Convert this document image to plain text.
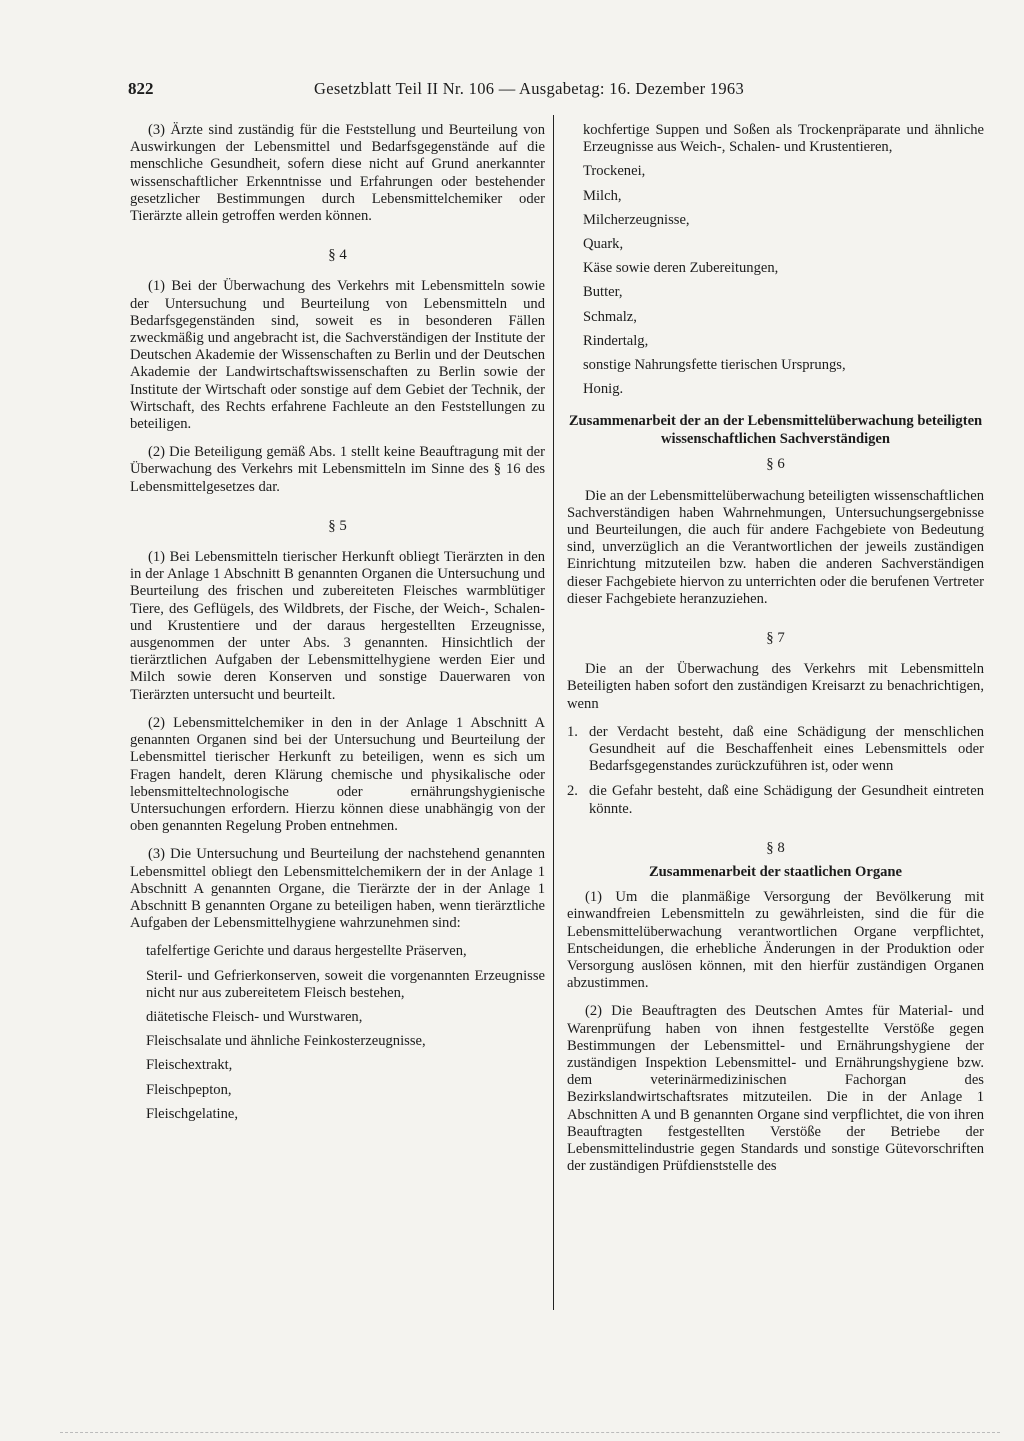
822	Gesetzblatt Teil II Nr. 106 — Ausgabetag: 16. Dezember 1963

(3) Ärzte sind zuständig für die Feststellung und Beurteilung von Auswirkungen der Lebensmittel und Bedarfsgegenstände auf die menschliche Gesundheit, sofern diese nicht auf Grund anerkannter wissenschaftlicher Erkenntnisse und Erfahrungen oder bestehender gesetzlicher Bestimmungen durch Lebensmittelchemiker oder Tierärzte allein getroffen werden können.

§ 4

(1) Bei der Überwachung des Verkehrs mit Lebensmitteln sowie der Untersuchung und Beurteilung von Lebensmitteln und Bedarfsgegenständen sind, soweit es in besonderen Fällen zweckmäßig und angebracht ist, die Sachverständigen der Institute der Deutschen Akademie der Wissenschaften zu Berlin und der Deutschen Akademie der Landwirtschaftswissenschaften zu Berlin sowie der Institute der Wirtschaft oder sonstige auf dem Gebiet der Technik, der Wirtschaft, des Rechts erfahrene Fachleute an den Feststellungen zu beteiligen.

(2) Die Beteiligung gemäß Abs. 1 stellt keine Beauftragung mit der Überwachung des Verkehrs mit Lebensmitteln im Sinne des § 16 des Lebensmittelgesetzes dar.

§ 5

(1) Bei Lebensmitteln tierischer Herkunft obliegt Tierärzten in den in der Anlage 1 Abschnitt B genannten Organen die Untersuchung und Beurteilung des frischen und zubereiteten Fleisches warmblütiger Tiere, des Geflügels, des Wildbrets, der Fische, der Weich-, Schalen- und Krustentiere und der daraus hergestellten Erzeugnisse, ausgenommen der unter Abs. 3 genannten. Hinsichtlich der tierärztlichen Aufgaben der Lebensmittelhygiene werden Eier und Milch sowie deren Konserven und sonstige Dauerwaren von Tierärzten untersucht und beurteilt.

(2) Lebensmittelchemiker in den in der Anlage 1 Abschnitt A genannten Organen sind bei der Untersuchung und Beurteilung der Lebensmittel tierischer Herkunft zu beteiligen, wenn es sich um Fragen handelt, deren Klärung chemische und physikalische oder lebensmitteltechnologische oder ernährungshygienische Untersuchungen erfordern. Hierzu können diese unabhängig von der oben genannten Regelung Proben entnehmen.

(3) Die Untersuchung und Beurteilung der nachstehend genannten Lebensmittel obliegt den Lebensmittelchemikern der in der Anlage 1 Abschnitt A genannten Organe, die Tierärzte der in der Anlage 1 Abschnitt B genannten Organe zu beteiligen haben, wenn tierärztliche Aufgaben der Lebensmittelhygiene wahrzunehmen sind:

tafelfertige Gerichte und daraus hergestellte Präserven,

Steril- und Gefrierkonserven, soweit die vorgenannten Erzeugnisse nicht nur aus zubereitetem Fleisch bestehen,

diätetische Fleisch- und Wurstwaren,

Fleischsalate und ähnliche Feinkosterzeugnisse,

Fleischextrakt,

Fleischpepton,

Fleischgelatine,

kochfertige Suppen und Soßen als Trockenpräparate und ähnliche Erzeugnisse aus Weich-, Schalen- und Krustentieren,

Trockenei,

Milch,

Milcherzeugnisse,

Quark,

Käse sowie deren Zubereitungen,

Butter,

Schmalz,

Rindertalg,

sonstige Nahrungsfette tierischen Ursprungs,

Honig.

Zusammenarbeit der an der Lebensmittelüberwachung beteiligten wissenschaftlichen Sachverständigen
§ 6

Die an der Lebensmittelüberwachung beteiligten wissenschaftlichen Sachverständigen haben Wahrnehmungen, Untersuchungsergebnisse und Beurteilungen, die auch für andere Fachgebiete von Bedeutung sind, unverzüglich an die Verantwortlichen der jeweils zuständigen Einrichtung mitzuteilen bzw. haben die anderen Sachverständigen dieser Fachgebiete hiervon zu unterrichten oder die berufenen Vertreter dieser Fachgebiete heranzuziehen.

§ 7

Die an der Überwachung des Verkehrs mit Lebensmitteln Beteiligten haben sofort den zuständigen Kreisarzt zu benachrichtigen, wenn

1. der Verdacht besteht, daß eine Schädigung der menschlichen Gesundheit auf die Beschaffenheit eines Lebensmittels oder Bedarfsgegenstandes zurückzuführen ist, oder wenn
2. die Gefahr besteht, daß eine Schädigung der Gesundheit eintreten könnte.
§ 8
Zusammenarbeit der staatlichen Organe

(1) Um die planmäßige Versorgung der Bevölkerung mit einwandfreien Lebensmitteln zu gewährleisten, sind die für die Lebensmittelüberwachung verantwortlichen Organe verpflichtet, Entscheidungen, die erhebliche Änderungen in der Produktion oder Versorgung auslösen können, mit den hierfür zuständigen Organen abzustimmen.

(2) Die Beauftragten des Deutschen Amtes für Material- und Warenprüfung haben von ihnen festgestellte Verstöße gegen Bestimmungen der Lebensmittel- und Ernährungshygiene der zuständigen Inspektion Lebensmittel- und Ernährungshygiene bzw. dem veterinärmedizinischen Fachorgan des Bezirkslandwirtschaftsrates mitzuteilen. Die in der Anlage 1 Abschnitten A und B genannten Organe sind verpflichtet, die von ihren Beauftragten festgestellten Verstöße der Betriebe der Lebensmittelindustrie gegen Standards und sonstige Gütevorschriften der zuständigen Prüfdienststelle des
